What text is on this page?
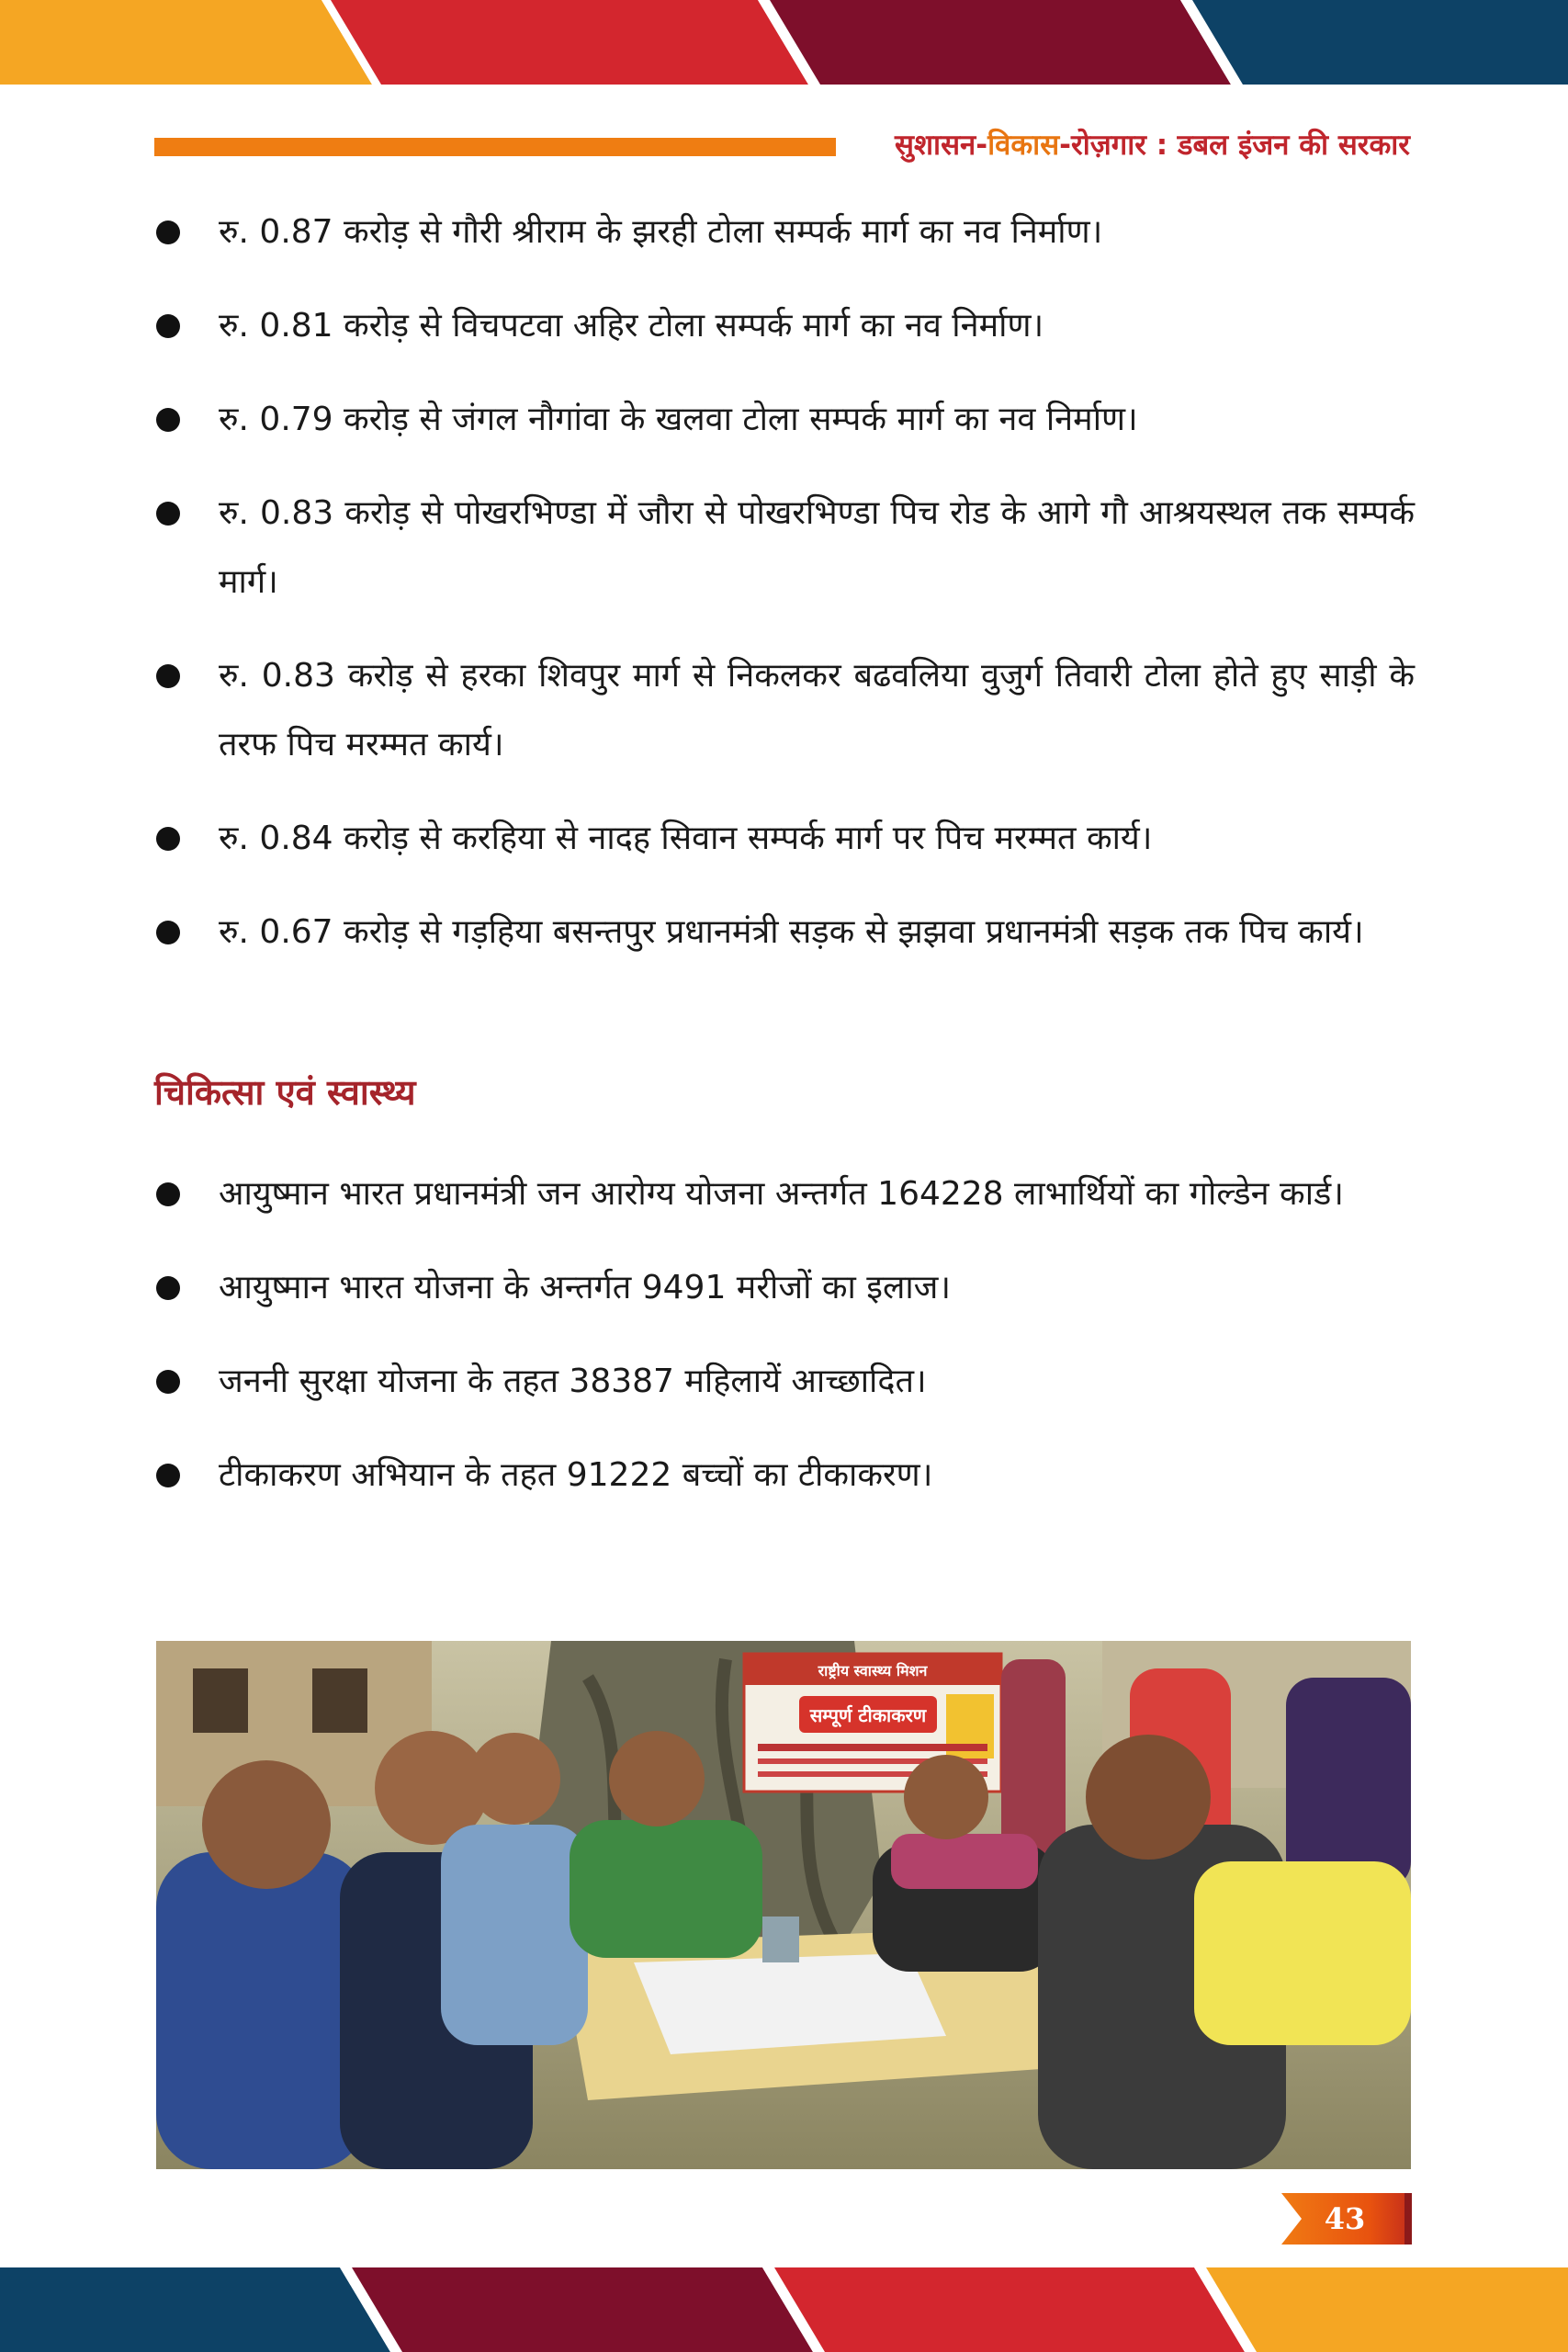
सुशासन-विकास-रोज़गार : डबल इंजन की सरकार
रु. 0.87 करोड़ से गौरी श्रीराम के झरही टोला सम्पर्क मार्ग का नव निर्माण।
रु. 0.81 करोड़ से विचपटवा अहिर टोला सम्पर्क मार्ग का नव निर्माण।
रु. 0.79 करोड़ से जंगल नौगांवा के खलवा टोला सम्पर्क मार्ग का नव निर्माण।
रु. 0.83 करोड़ से पोखरभिण्डा में जौरा से पोखरभिण्डा पिच रोड के आगे गौ आश्रयस्थल तक सम्पर्क मार्ग।
रु. 0.83 करोड़ से हरका शिवपुर मार्ग से निकलकर बढवलिया वुजुर्ग तिवारी टोला होते हुए साड़ी के तरफ पिच मरम्मत कार्य।
रु. 0.84 करोड़ से करहिया से नादह सिवान सम्पर्क मार्ग पर पिच मरम्मत कार्य।
रु. 0.67 करोड़ से गड़हिया बसन्तपुर प्रधानमंत्री सड़क से झझवा प्रधानमंत्री सड़क तक पिच कार्य।
चिकित्सा एवं स्वास्थ्य
आयुष्मान भारत प्रधानमंत्री जन आरोग्य योजना अन्तर्गत 164228 लाभार्थियों का गोल्डेन कार्ड।
आयुष्मान भारत योजना के अन्तर्गत 9491 मरीजों का इलाज।
जननी सुरक्षा योजना के तहत 38387 महिलायें आच्छादित।
टीकाकरण अभियान के तहत 91222 बच्चों का टीकाकरण।
राष्ट्रीय स्वास्थ्य मिशन
सम्पूर्ण टीकाकरण
43
